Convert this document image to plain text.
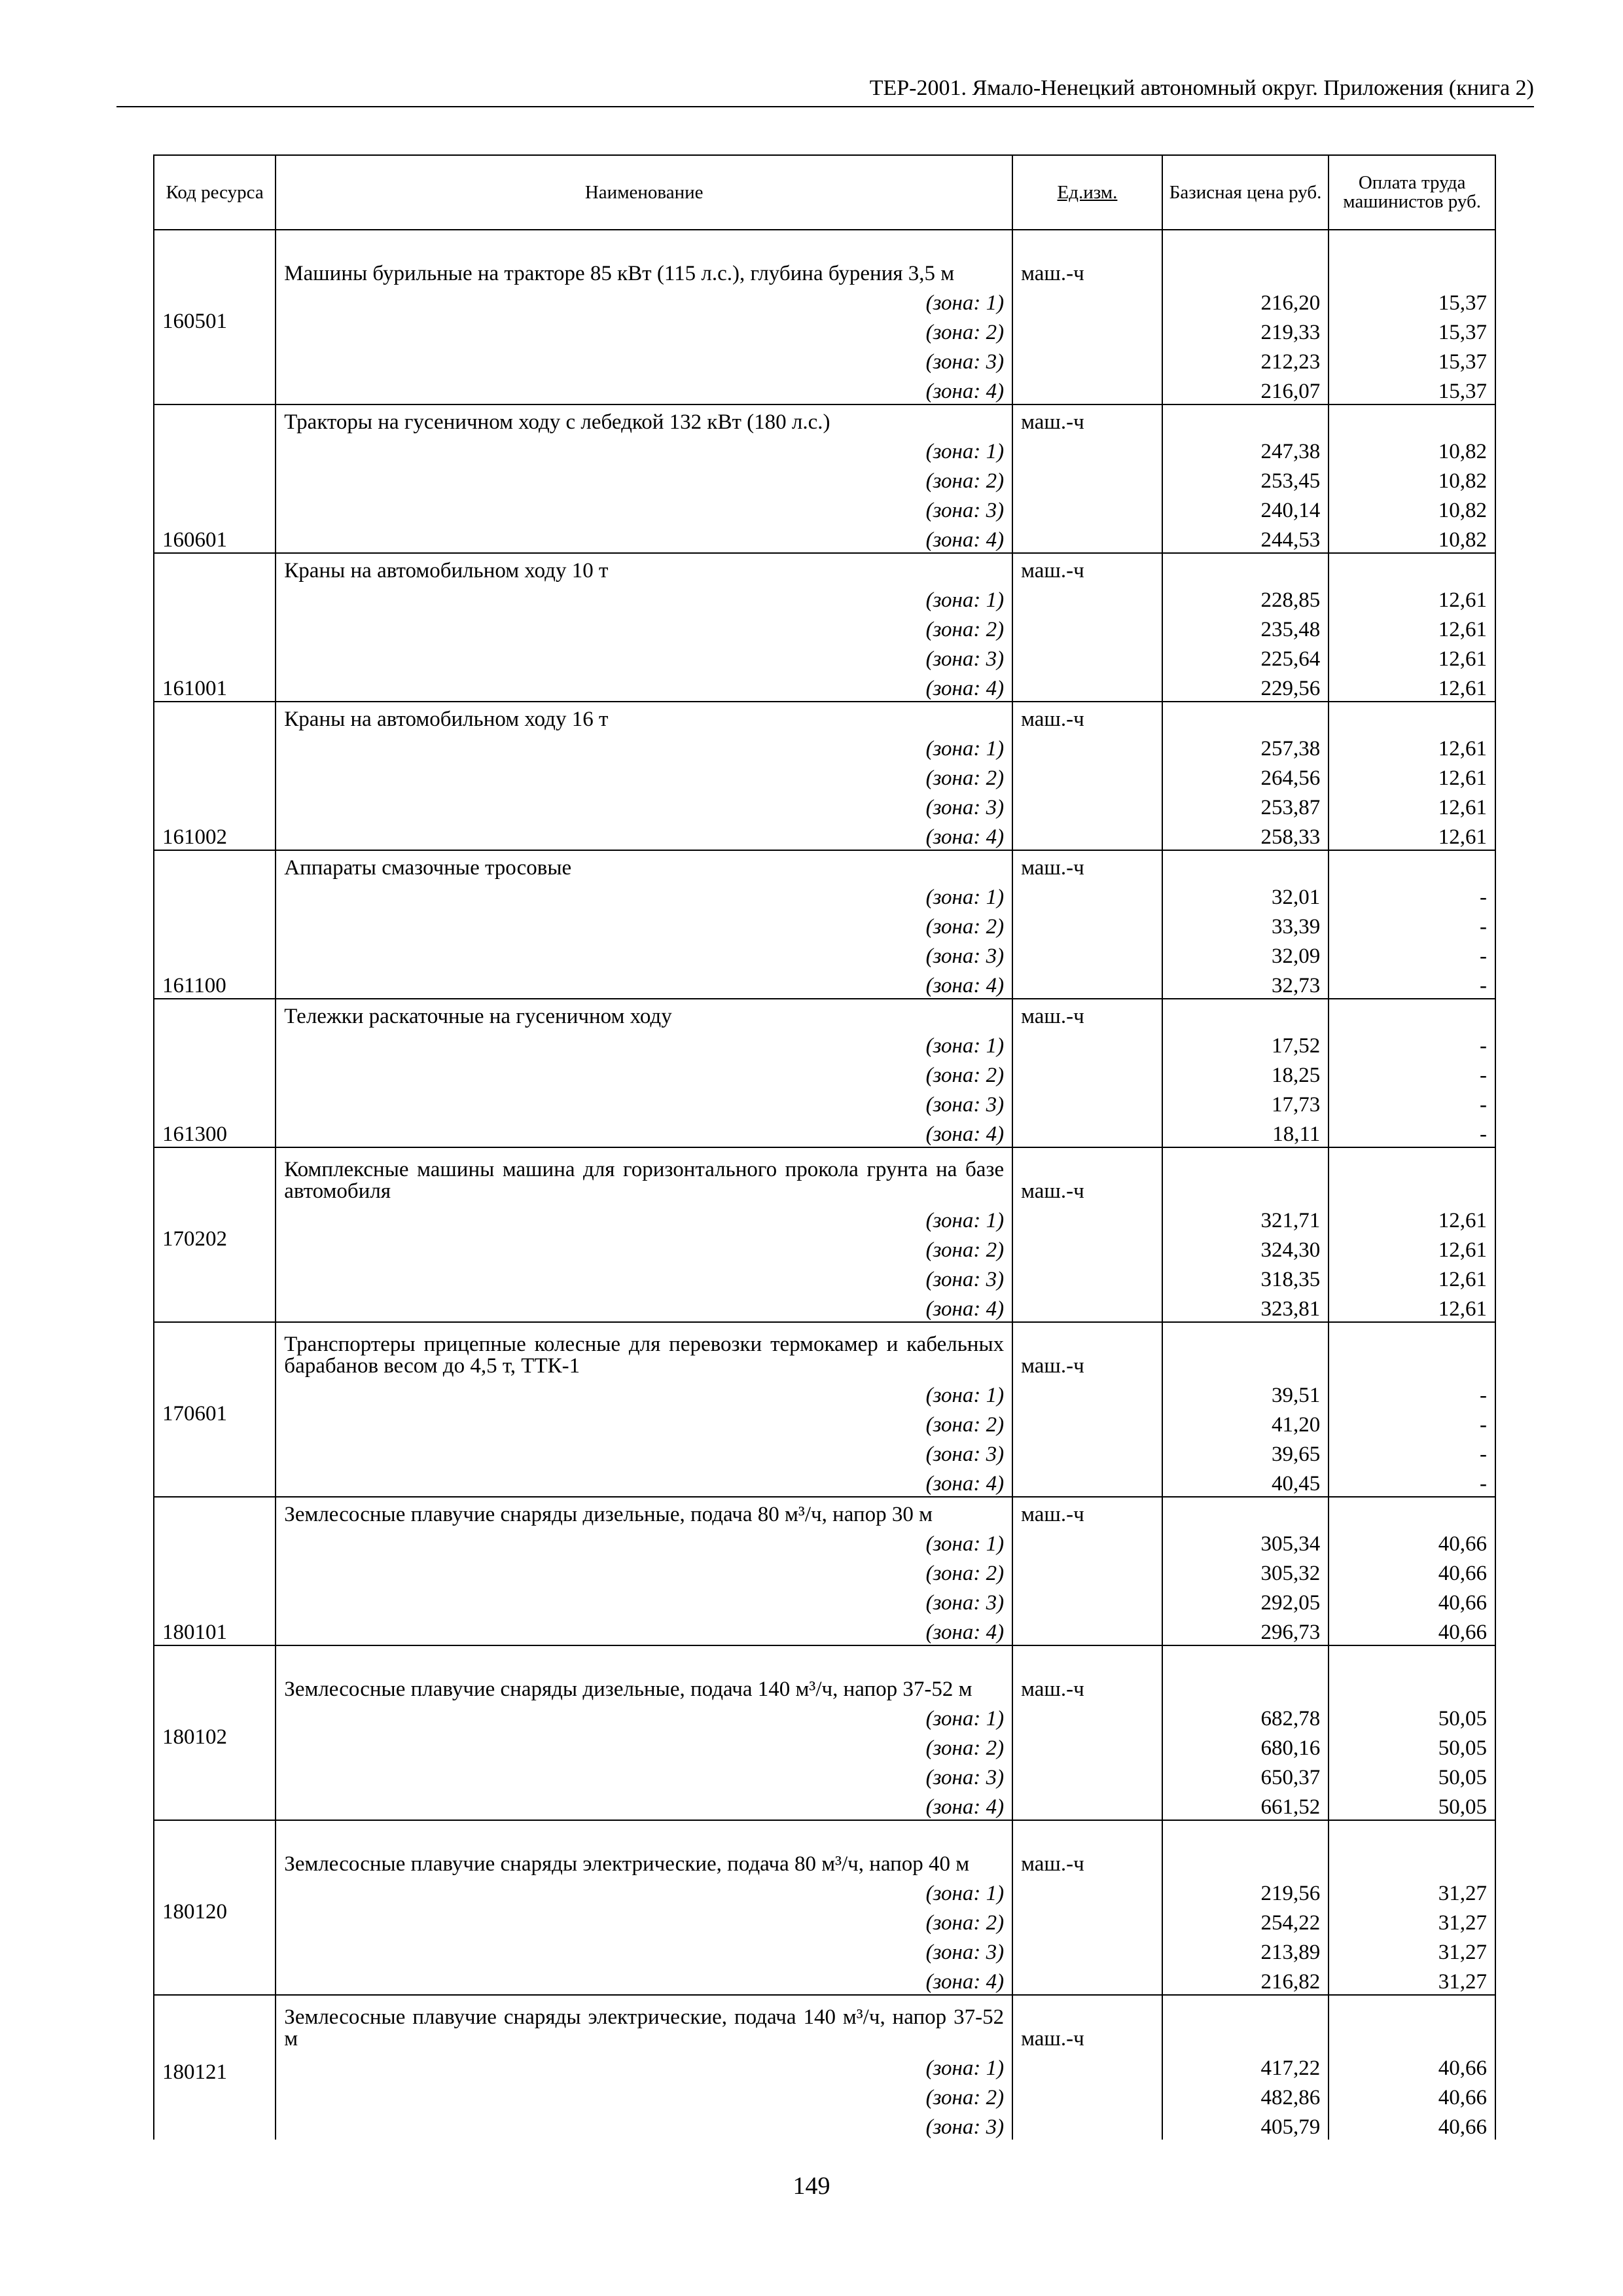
ТЕР-2001. Ямало-Ненецкий автономный округ. Приложения (книга 2)
Код ресурса	Наименование	Ед.изм.	Базисная цена руб.	Оплата труда машинистов руб.
160501	Машины бурильные на тракторе 85 кВт (115 л.с.), глубина бурения 3,5 м	маш.-ч		
	(зона: 1)		216,20	15,37
	(зона: 2)		219,33	15,37
	(зона: 3)		212,23	15,37
	(зона: 4)		216,07	15,37
160601	Тракторы на гусеничном ходу с лебедкой 132 кВт (180 л.с.)	маш.-ч		
	(зона: 1)		247,38	10,82
	(зона: 2)		253,45	10,82
	(зона: 3)		240,14	10,82
	(зона: 4)		244,53	10,82
161001	Краны на автомобильном ходу 10 т	маш.-ч		
	(зона: 1)		228,85	12,61
	(зона: 2)		235,48	12,61
	(зона: 3)		225,64	12,61
	(зона: 4)		229,56	12,61
161002	Краны на автомобильном ходу 16 т	маш.-ч		
	(зона: 1)		257,38	12,61
	(зона: 2)		264,56	12,61
	(зона: 3)		253,87	12,61
	(зона: 4)		258,33	12,61
161100	Аппараты смазочные тросовые	маш.-ч		
	(зона: 1)		32,01	-
	(зона: 2)		33,39	-
	(зона: 3)		32,09	-
	(зона: 4)		32,73	-
161300	Тележки раскаточные на гусеничном ходу	маш.-ч		
	(зона: 1)		17,52	-
	(зона: 2)		18,25	-
	(зона: 3)		17,73	-
	(зона: 4)		18,11	-
170202	Комплексные машины машина для горизонтального прокола грунта на базе автомобиля	маш.-ч		
	(зона: 1)		321,71	12,61
	(зона: 2)		324,30	12,61
	(зона: 3)		318,35	12,61
	(зона: 4)		323,81	12,61
170601	Транспортеры прицепные колесные для перевозки термокамер и кабельных барабанов весом до 4,5 т, ТТК-1	маш.-ч		
	(зона: 1)		39,51	-
	(зона: 2)		41,20	-
	(зона: 3)		39,65	-
	(зона: 4)		40,45	-
180101	Землесосные плавучие снаряды дизельные, подача 80 м³/ч, напор 30 м	маш.-ч		
	(зона: 1)		305,34	40,66
	(зона: 2)		305,32	40,66
	(зона: 3)		292,05	40,66
	(зона: 4)		296,73	40,66
180102	Землесосные плавучие снаряды дизельные, подача 140 м³/ч, напор 37-52 м	маш.-ч		
	(зона: 1)		682,78	50,05
	(зона: 2)		680,16	50,05
	(зона: 3)		650,37	50,05
	(зона: 4)		661,52	50,05
180120	Землесосные плавучие снаряды электрические, подача 80 м³/ч, напор 40 м	маш.-ч		
	(зона: 1)		219,56	31,27
	(зона: 2)		254,22	31,27
	(зона: 3)		213,89	31,27
	(зона: 4)		216,82	31,27
180121	Землесосные плавучие снаряды электрические, подача 140 м³/ч, напор 37-52 м	маш.-ч		
	(зона: 1)		417,22	40,66
	(зона: 2)		482,86	40,66
	(зона: 3)		405,79	40,66
149
